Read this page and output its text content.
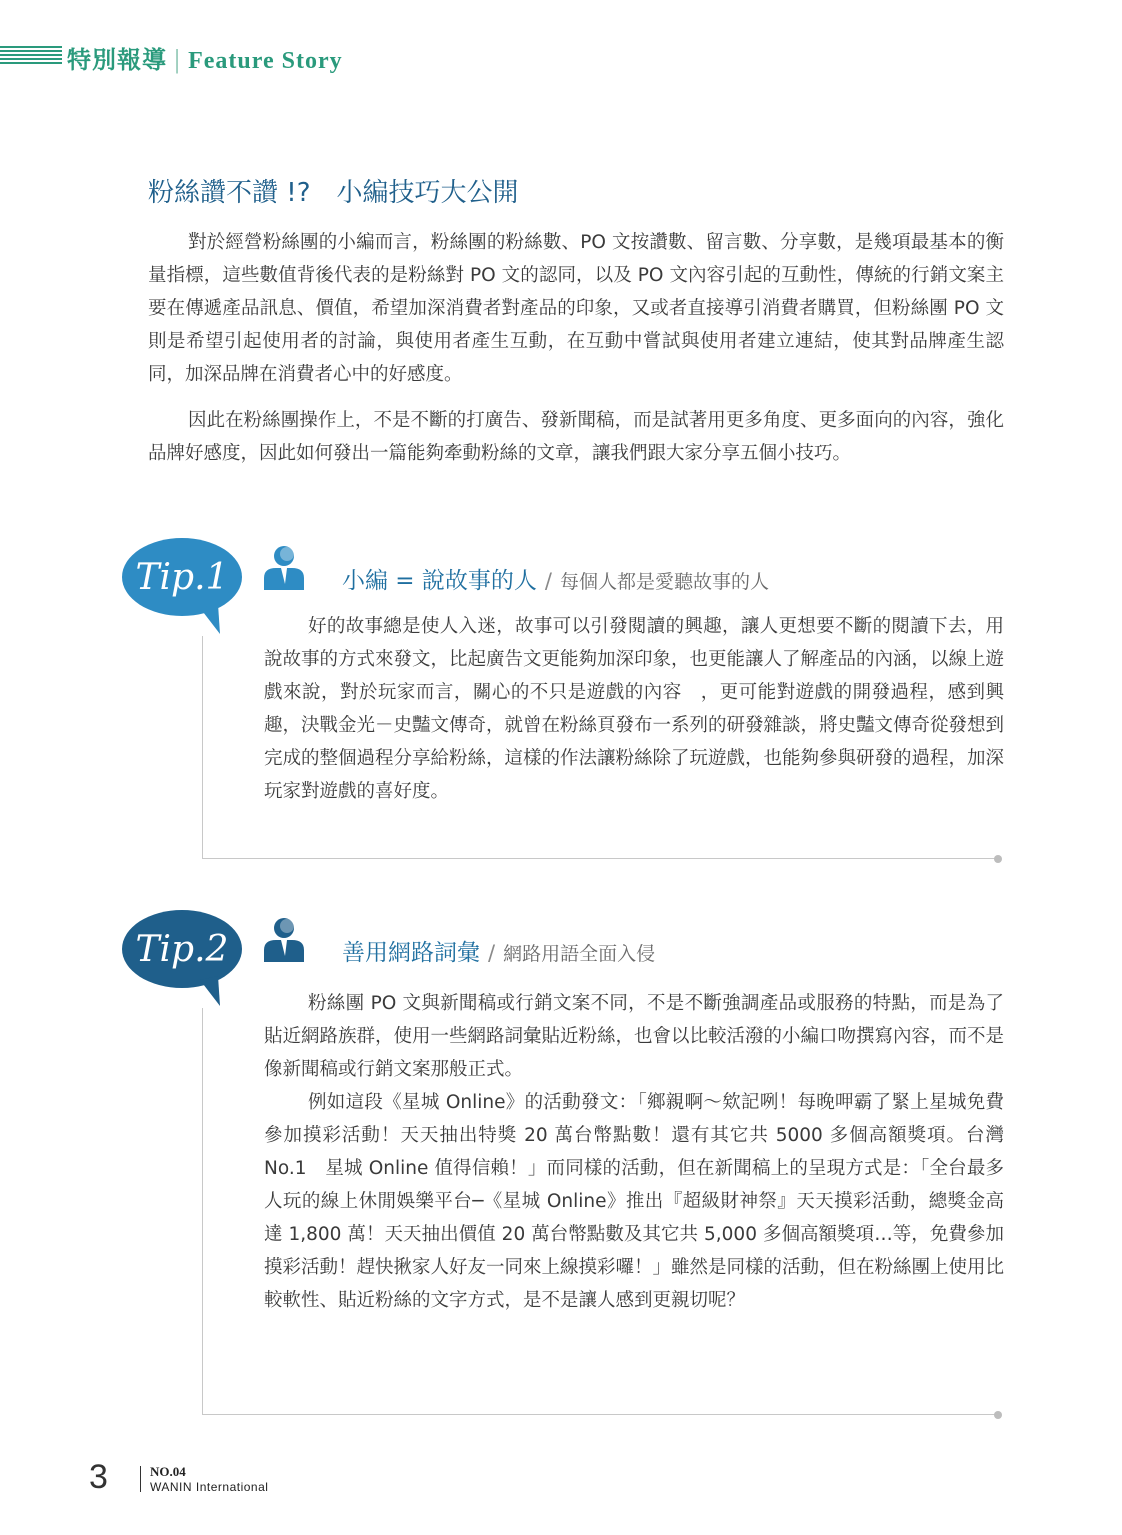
特別報導 | Feature Story
粉絲讚不讚 !?　小編技巧大公開

對於經營粉絲團的小編而言，粉絲團的粉絲數、PO 文按讚數、留言數、分享數，是幾項最基本的衡量指標，這些數值背後代表的是粉絲對 PO 文的認同，以及 PO 文內容引起的互動性，傳統的行銷文案主要在傳遞產品訊息、價值，希望加深消費者對產品的印象，又或者直接導引消費者購買，但粉絲團 PO 文則是希望引起使用者的討論，與使用者產生互動，在互動中嘗試與使用者建立連結，使其對品牌產生認同，加深品牌在消費者心中的好感度。

因此在粉絲團操作上，不是不斷的打廣告、發新聞稿，而是試著用更多角度、更多面向的內容，強化品牌好感度，因此如何發出一篇能夠牽動粉絲的文章，讓我們跟大家分享五個小技巧。

Tip.1	小編 = 說故事的人 / 每個人都是愛聽故事的人

好的故事總是使人入迷，故事可以引發閱讀的興趣，讓人更想要不斷的閱讀下去，用說故事的方式來發文，比起廣告文更能夠加深印象，也更能讓人了解產品的內涵，以線上遊戲來說，對於玩家而言，關心的不只是遊戲的內容　，更可能對遊戲的開發過程，感到興趣，決戰金光－史豔文傳奇，就曾在粉絲頁發布一系列的研發雜談，將史豔文傳奇從發想到完成的整個過程分享給粉絲，這樣的作法讓粉絲除了玩遊戲，也能夠參與研發的過程，加深玩家對遊戲的喜好度。

Tip.2	善用網路詞彙 / 網路用語全面入侵

粉絲團 PO 文與新聞稿或行銷文案不同，不是不斷強調產品或服務的特點，而是為了貼近網路族群，使用一些網路詞彙貼近粉絲，也會以比較活潑的小編口吻撰寫內容，而不是像新聞稿或行銷文案那般正式。

例如這段《星城 Online》的活動發文：「鄉親啊～欸記咧！每晚呷霸了緊上星城免費參加摸彩活動！天天抽出特獎 20 萬台幣點數！還有其它共 5000 多個高額獎項。台灣 No.1　星城 Online 值得信賴！」而同樣的活動，但在新聞稿上的呈現方式是：「全台最多人玩的線上休閒娛樂平台─《星城 Online》推出『超級財神祭』天天摸彩活動，總獎金高達 1,800 萬！天天抽出價值 20 萬台幣點數及其它共 5,000 多個高額獎項…等，免費參加摸彩活動！趕快揪家人好友一同來上線摸彩囉！」雖然是同樣的活動，但在粉絲團上使用比較軟性、貼近粉絲的文字方式，是不是讓人感到更親切呢？

3	NO.04
WANIN International
